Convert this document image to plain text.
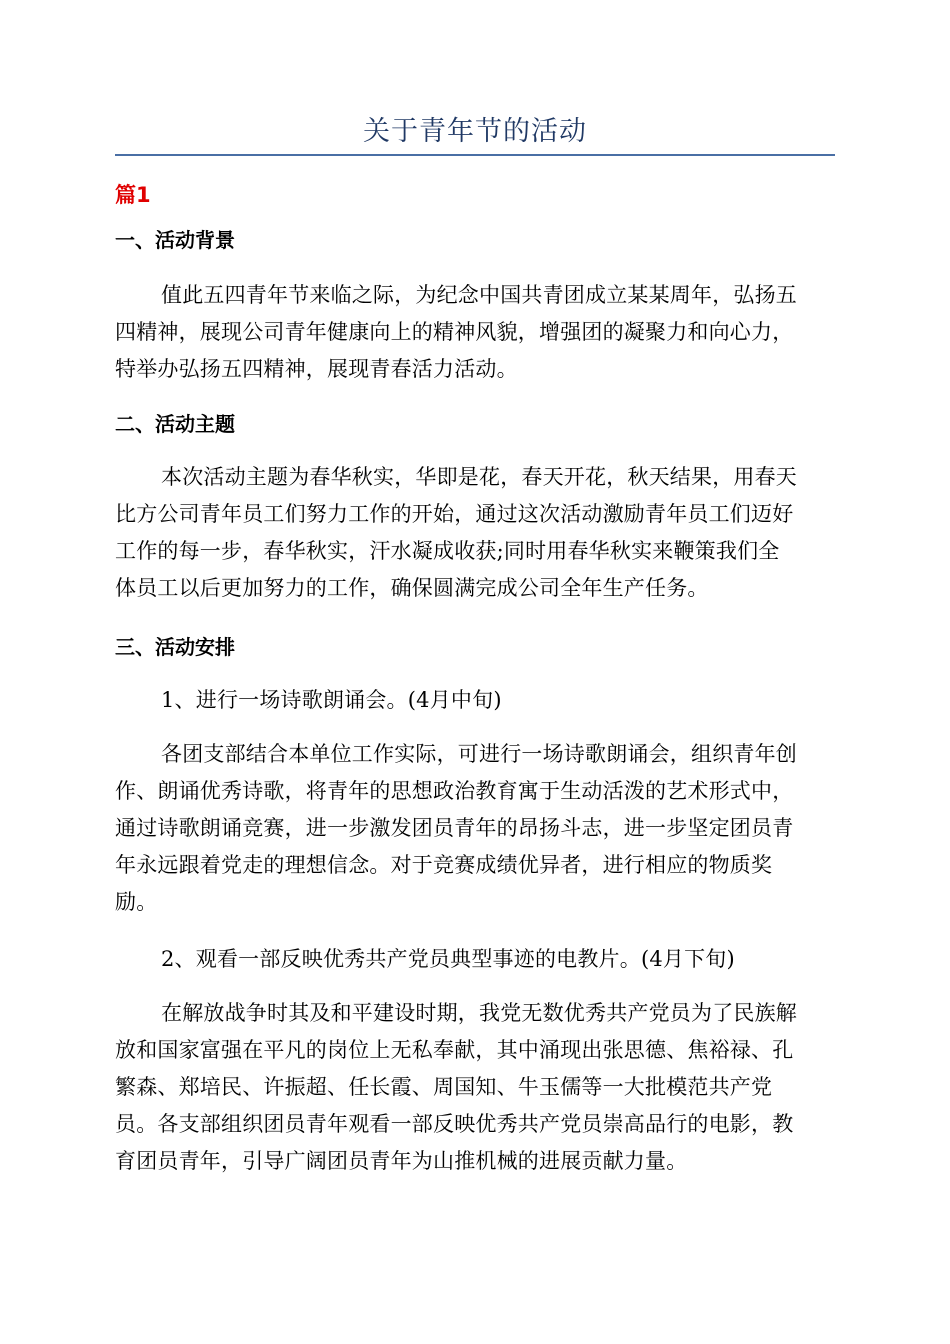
关于青年节的活动
篇1
一、活动背景
值此五四青年节来临之际，为纪念中国共青团成立某某周年，弘扬五
四精神，展现公司青年健康向上的精神风貌，增强团的凝聚力和向心力，
特举办弘扬五四精神，展现青春活力活动。
二、活动主题
本次活动主题为春华秋实，华即是花，春天开花，秋天结果，用春天
比方公司青年员工们努力工作的开始，通过这次活动激励青年员工们迈好
工作的每一步，春华秋实，汗水凝成收获;同时用春华秋实来鞭策我们全
体员工以后更加努力的工作，确保圆满完成公司全年生产任务。
三、活动安排
1、进行一场诗歌朗诵会。(4月中旬)
各团支部结合本单位工作实际，可进行一场诗歌朗诵会，组织青年创
作、朗诵优秀诗歌，将青年的思想政治教育寓于生动活泼的艺术形式中，
通过诗歌朗诵竞赛，进一步激发团员青年的昂扬斗志，进一步坚定团员青
年永远跟着党走的理想信念。对于竞赛成绩优异者，进行相应的物质奖
励。
2、观看一部反映优秀共产党员典型事迹的电教片。(4月下旬)
在解放战争时其及和平建设时期，我党无数优秀共产党员为了民族解
放和国家富强在平凡的岗位上无私奉献，其中涌现出张思德、焦裕禄、孔
繁森、郑培民、许振超、任长霞、周国知、牛玉儒等一大批模范共产党
员。各支部组织团员青年观看一部反映优秀共产党员崇高品行的电影，教
育团员青年，引导广阔团员青年为山推机械的进展贡献力量。
